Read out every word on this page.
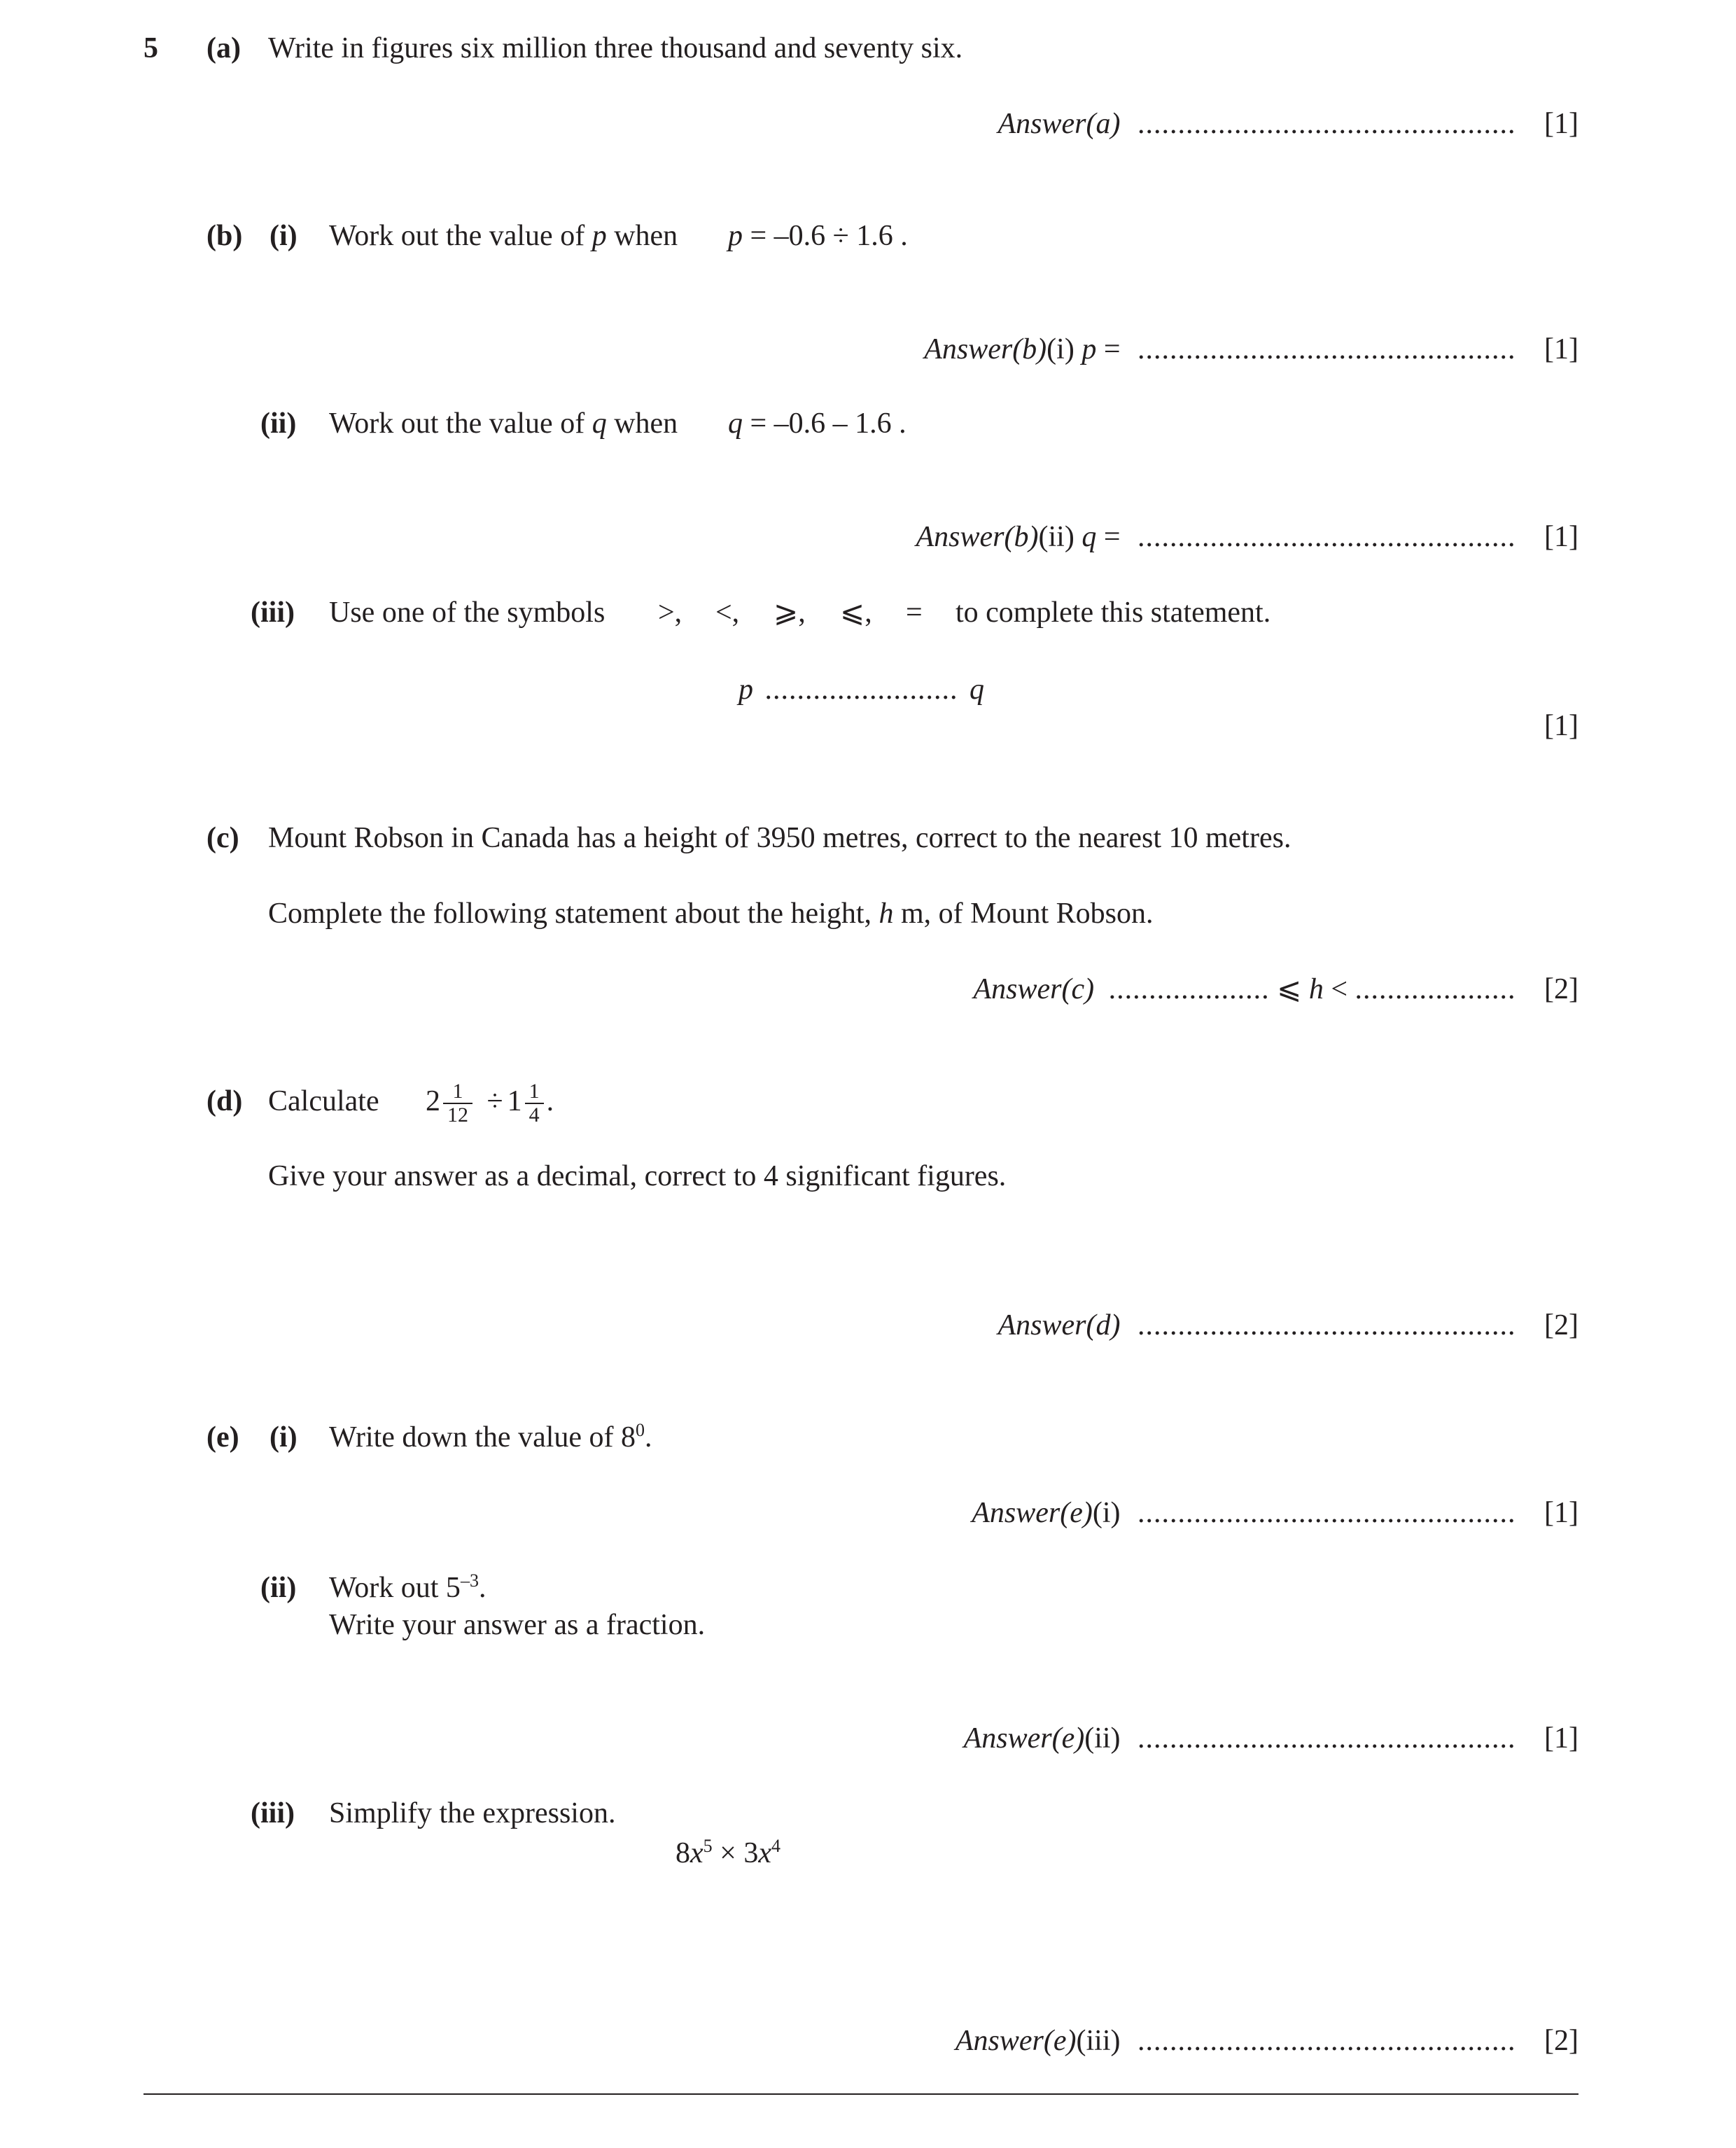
5 (a) Write in figures six million three thousand and seventy six.
Answer(a) ............................................... [1]
(b) (i) Work out the value of p when p = –0.6 ÷ 1.6 .
Answer(b)(i) p = ............................................... [1]
(ii) Work out the value of q when q = –0.6 – 1.6 .
Answer(b)(ii) q = ............................................... [1]
(iii) Use one of the symbols >, <, ⩾, ⩽, = to complete this statement.
p ........................ q
[1]
(c) Mount Robson in Canada has a height of 3950 metres, correct to the nearest 10 metres.
Complete the following statement about the height, h m, of Mount Robson.
Answer(c) .................... ⩽ h < .................... [2]
(d) Calculate $2 \frac{1}{12} \div 1 \frac{1}{4}$ .
Give your answer as a decimal, correct to 4 significant figures.
Answer(d) ............................................... [2]
(e) (i) Write down the value of $8^0$.
Answer(e)(i) ............................................... [1]
(ii) Work out $5^{-3}$.
Write your answer as a fraction.
Answer(e)(ii) ............................................... [1]
(iii) Simplify the expression.
$8x^5 \times 3x^4$
Answer(e)(iii) ............................................... [2]
